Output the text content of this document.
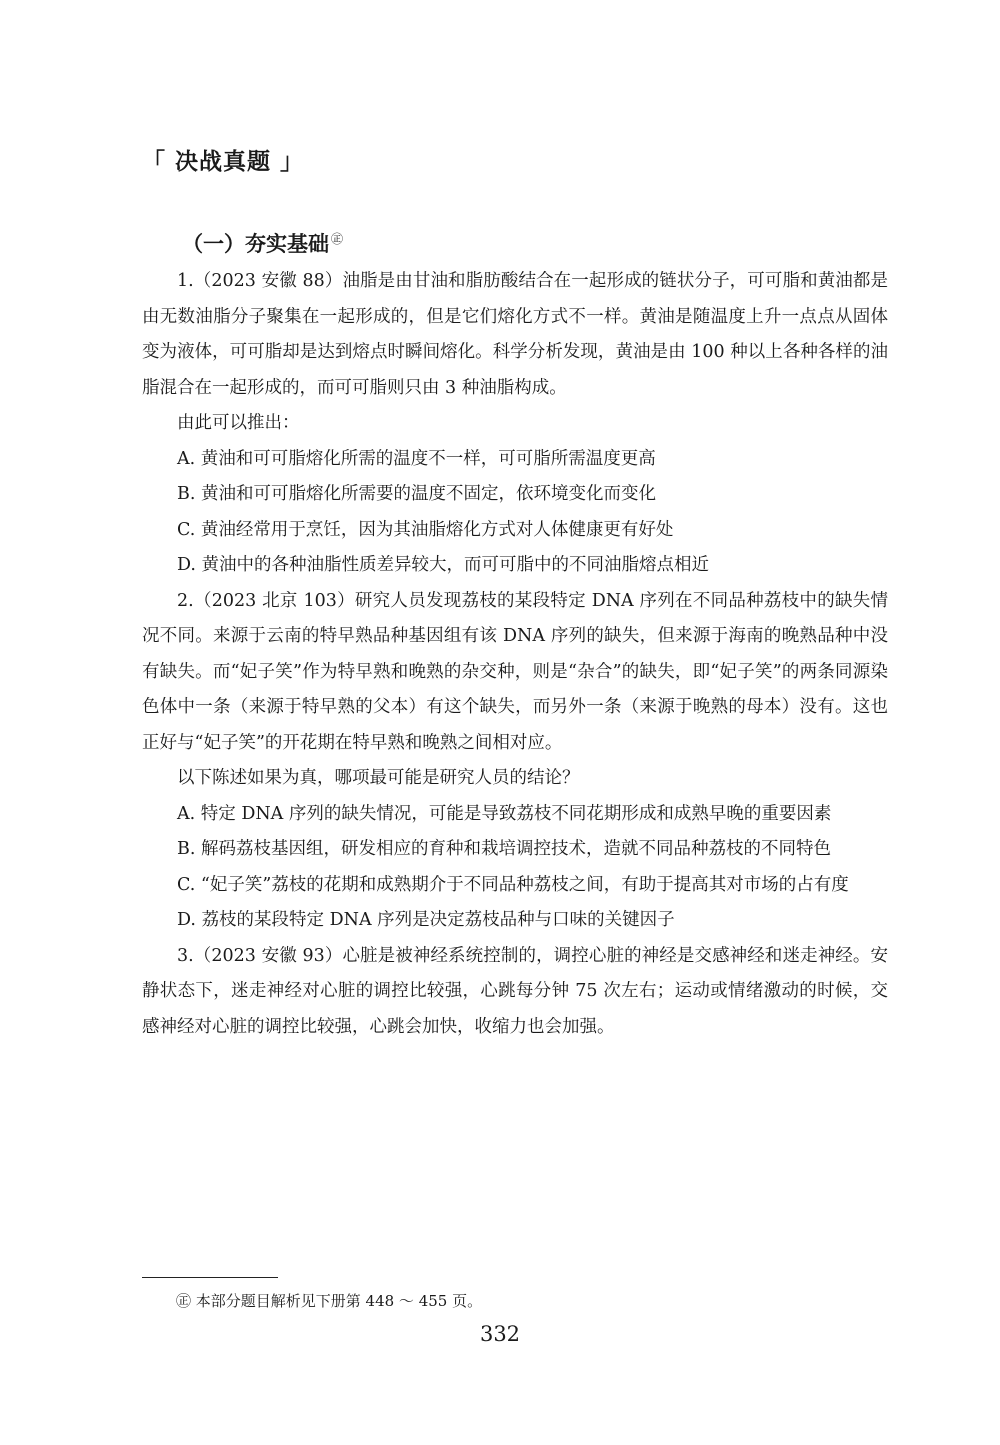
「 决战真题 」
（一）夯实基础 ㊣

1.（2023 安徽 88）油脂是由甘油和脂肪酸结合在一起形成的链状分子，可可脂和黄油都是由无数油脂分子聚集在一起形成的，但是它们熔化方式不一样。黄油是随温度上升一点点从固体变为液体，可可脂却是达到熔点时瞬间熔化。科学分析发现，黄油是由 100 种以上各种各样的油脂混合在一起形成的，而可可脂则只由 3 种油脂构成。

由此可以推出：

A. 黄油和可可脂熔化所需的温度不一样，可可脂所需温度更高

B. 黄油和可可脂熔化所需要的温度不固定，依环境变化而变化

C. 黄油经常用于烹饪，因为其油脂熔化方式对人体健康更有好处

D. 黄油中的各种油脂性质差异较大，而可可脂中的不同油脂熔点相近

2.（2023 北京 103）研究人员发现荔枝的某段特定 DNA 序列在不同品种荔枝中的缺失情况不同。来源于云南的特早熟品种基因组有该 DNA 序列的缺失，但来源于海南的晚熟品种中没有缺失。而“妃子笑”作为特早熟和晚熟的杂交种，则是“杂合”的缺失，即“妃子笑”的两条同源染色体中一条（来源于特早熟的父本）有这个缺失，而另外一条（来源于晚熟的母本）没有。这也正好与“妃子笑”的开花期在特早熟和晚熟之间相对应。

以下陈述如果为真，哪项最可能是研究人员的结论？

A. 特定 DNA 序列的缺失情况，可能是导致荔枝不同花期形成和成熟早晚的重要因素

B. 解码荔枝基因组，研发相应的育种和栽培调控技术，造就不同品种荔枝的不同特色

C. “妃子笑”荔枝的花期和成熟期介于不同品种荔枝之间，有助于提高其对市场的占有度

D. 荔枝的某段特定 DNA 序列是决定荔枝品种与口味的关键因子

3.（2023 安徽 93）心脏是被神经系统控制的，调控心脏的神经是交感神经和迷走神经。安静状态下，迷走神经对心脏的调控比较强，心跳每分钟 75 次左右；运动或情绪激动的时候，交感神经对心脏的调控比较强，心跳会加快，收缩力也会加强。

㊣ 本部分题目解析见下册第 448 ～ 455 页。
332
